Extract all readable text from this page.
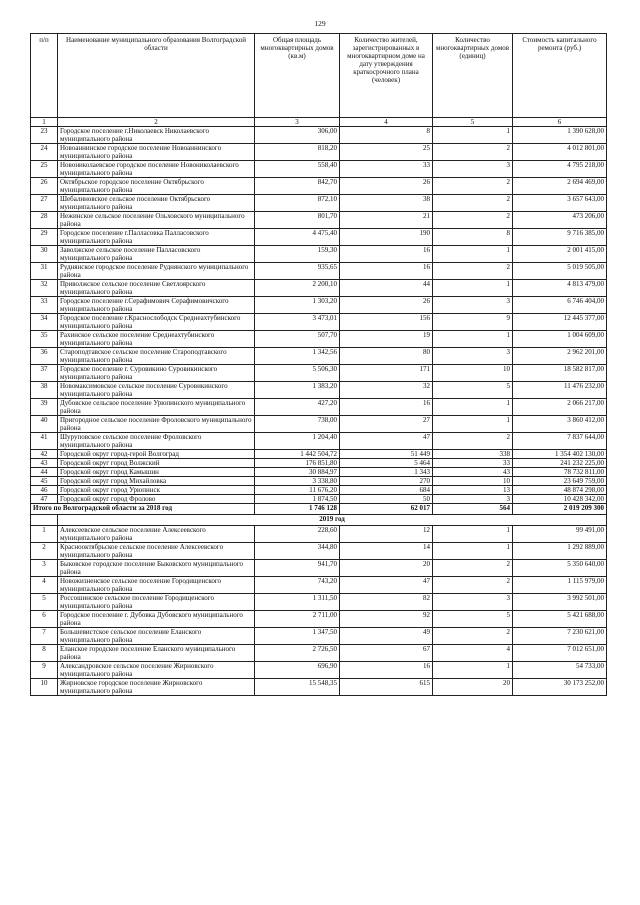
129
п/п	Наименование муниципального образования Волгоградской области	Общая площадь многоквартирных домов (кв.м)	Количество жителей, зарегистрированных в многоквартирном доме на дату утверждения краткосрочного плана (человек)	Количество многоквартирных домов (единиц)	Стоимость капитального ремонта (руб.)
1	2	3	4	5	6
23	Городское поселение г.Николаевск Николаевского муниципального района	306,00	8	1	1 390 628,00
24	Новоаннинское городское поселение Новоаннинского муниципального района	818,20	25	2	4 012 801,00
25	Новониколаевское городское поселение Новониколаевского муниципального района	558,40	33	3	4 795 218,00
26	Октябрьское городское поселение Октябрьского муниципального района	842,70	26	2	2 694 469,00
27	Шебалиновское сельское поселение Октябрьского муниципального района	872,10	38	2	3 657 643,00
28	Нежинское сельское поселение Ольховского муниципального района	801,70	21	2	473 206,00
29	Городское поселение г.Палласовка Палласовского муниципального района	4 475,40	190	8	9 716 385,00
30	Заволжское сельское поселение Палласовского муниципального района	159,30	16	1	2 001 415,00
31	Руднянское городское поселение Руднянского муниципального района	935,65	16	2	5 019 505,00
32	Приволжское сельское поселение Светлоярского муниципального района	2 200,10	44	1	4 813 479,00
33	Городское поселение г.Серафимович Серафимовичского муниципального района	1 303,20	26	3	6 746 404,00
34	Городское поселение г.Краснослободск Среднеахтубинского муниципального района	3 473,01	156	9	12 445 377,00
35	Рахинское сельское поселение Среднеахтубинского муниципального района	507,70	19	1	1 004 609,00
36	Староподтавское сельское поселение Староподтавского муниципального района	1 342,56	80	3	2 962 201,00
37	Городское поселение г. Суровикино Суровикинского муниципального района	5 506,30	171	10	18 582 817,00
38	Новомаксимовское сельское поселение Суровикинского муниципального района	1 383,20	32	5	11 476 232,00
39	Дубовское сельское поселение Урюпинского муниципального района	427,20	16	1	2 066 217,00
40	Пригородное сельское поселение Фроловского муниципального района	738,00	27	1	3 860 412,00
41	Шуруповское сельское поселение Фроловского муниципального района	1 204,40	47	2	7 837 644,00
42	Городской округ город-герой Волгоград	1 442 504,72	51 449	338	1 354 402 130,00
43	Городской округ город Волжский	176 851,80	5 464	33	241 232 225,00
44	Городской округ город Камышин	30 884,97	1 343	43	78 732 811,00
45	Городской округ город Михайловка	3 338,80	270	10	23 649 759,00
46	Городской округ город Урюпинск	11 676,20	684	13	48 874 298,00
47	Городской округ город Фролово	1 874,50	50	3	10 428 342,00
Итого по Волгоградской области за 2018 год		1 746 128	62 017	564	2 019 209 300
	2019 год				
1	Алексеевское сельское поселение Алексеевского муниципального района	228,60	12	1	99 491,00
2	Краснооктябрьское сельское поселение Алексеевского муниципального района	344,80	14	1	1 292 889,00
3	Быковское городское поселение Быковского муниципального района	941,70	20	2	5 350 640,00
4	Новожизненское сельское поселение Городищенского муниципального района	743,20	47	2	1 115 979,00
5	Россошинское сельское поселение Городищенского муниципального района	1 311,50	82	3	3 992 501,00
6	Городское поселение г. Дубовка Дубовского муниципального района	2 711,00	92	5	5 421 688,00
7	Большевистское сельское поселение Еланского муниципального района	1 347,50	49	2	7 230 621,00
8	Еланское городское поселение Еланского муниципального района	2 726,50	67	4	7 012 651,00
9	Александровское сельское поселение Жирновского муниципального района	696,90	16	1	54 733,00
10	Жирновское городское поселение Жирновского муниципального района	15 548,35	615	20	30 173 252,00
